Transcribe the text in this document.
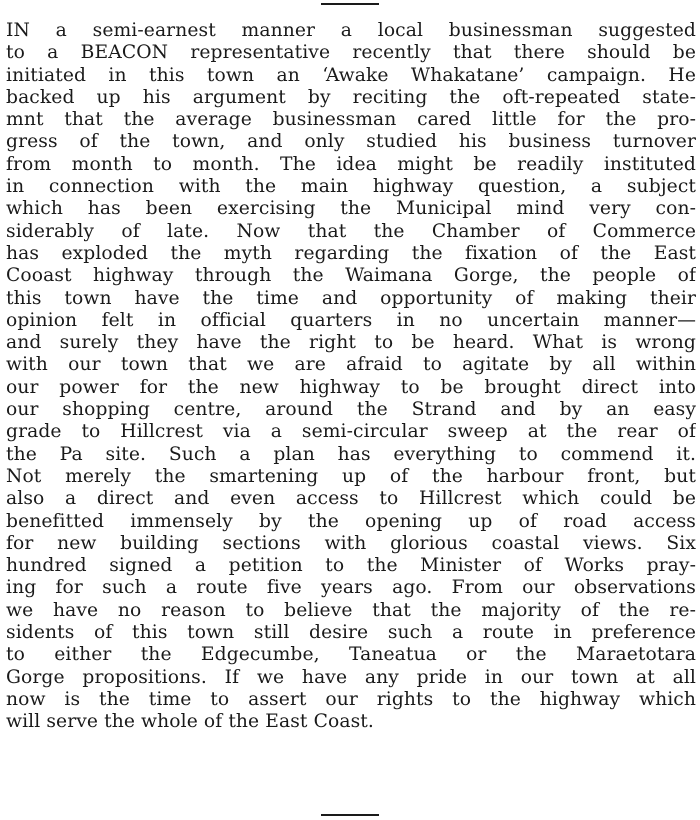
IN a semi-earnest manner a local businessman suggested
to a BEACON representative recently that there should be
initiated in this town an ‘Awake Whakatane’ campaign. He
backed up his argument by reciting the oft-repeated state-
mnt that the average businessman cared little for the pro-
gress of the town, and only studied his business turnover
from month to month. The idea might be readily instituted
in connection with the main highway question, a subject
which has been exercising the Municipal mind very con-
siderably of late. Now that the Chamber of Commerce
has exploded the myth regarding the fixation of the East
Cooast highway through the Waimana Gorge, the people of
this town have the time and opportunity of making their
opinion felt in official quarters in no uncertain manner—
and surely they have the right to be heard. What is wrong
with our town that we are afraid to agitate by all within
our power for the new highway to be brought direct into
our shopping centre, around the Strand and by an easy
grade to Hillcrest via a semi-circular sweep at the rear of
the Pa site. Such a plan has everything to commend it.
Not merely the smartening up of the harbour front, but
also a direct and even access to Hillcrest which could be
benefitted immensely by the opening up of road access
for new building sections with glorious coastal views. Six
hundred signed a petition to the Minister of Works pray-
ing for such a route five years ago. From our observations
we have no reason to believe that the majority of the re-
sidents of this town still desire such a route in preference
to either the Edgecumbe, Taneatua or the Maraetotara
Gorge propositions. If we have any pride in our town at all
now is the time to assert our rights to the highway which
will serve the whole of the East Coast.
